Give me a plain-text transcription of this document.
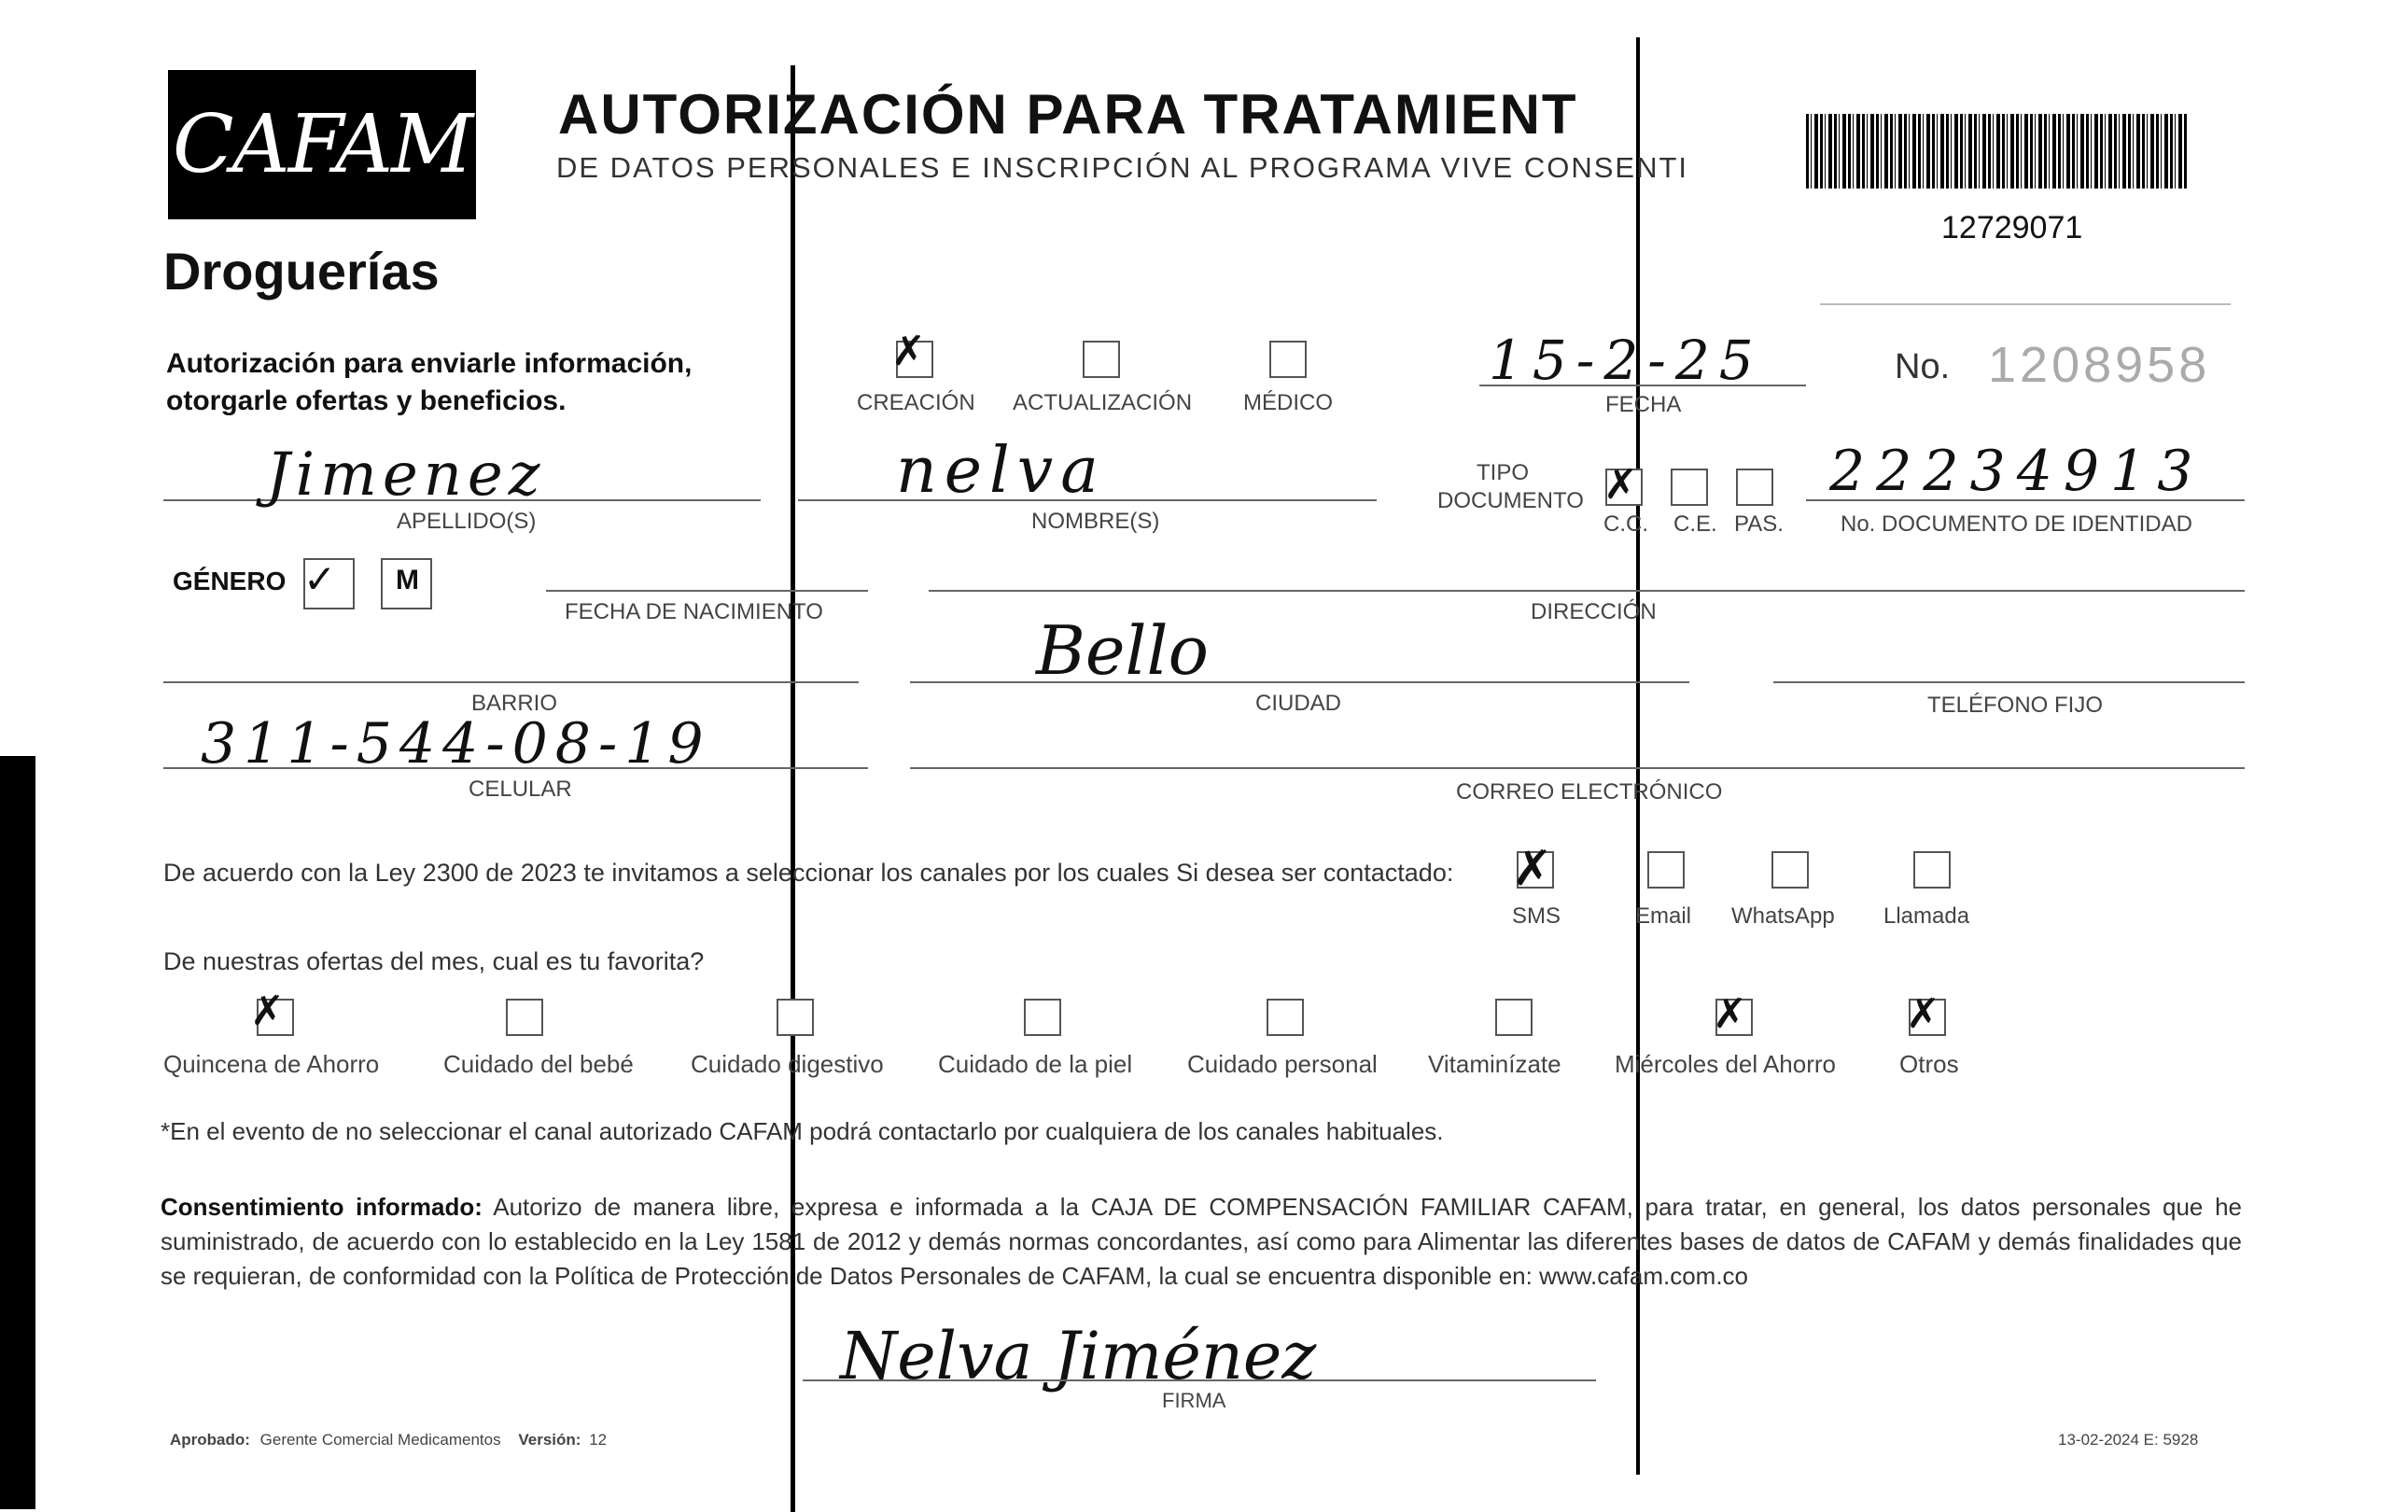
CAFAM
Droguerías
AUTORIZACIÓN PARA TRATAMIENT
DE DATOS PERSONALES E INSCRIPCIÓN AL PROGRAMA VIVE CONSENTI
12729071
No. 1208958
Autorización para enviarle información, otorgarle ofertas y beneficios.
✗
CREACIÓN ACTUALIZACIÓN MÉDICO
15-2-25
FECHA
Jimenez
APELLIDO(S)
nelva
NOMBRE(S)
TIPO DOCUMENTO ✗
C.C. C.E. PAS.
22234913
No. DOCUMENTO DE IDENTIDAD
GÉNERO ✓ M
FECHA DE NACIMIENTO	DIRECCIÓN
BARRIO
Bello
CIUDAD	TELÉFONO FIJO
311-544-08-19
CELULAR	CORREO ELECTRÓNICO
De acuerdo con la Ley 2300 de 2023 te invitamos a seleccionar los canales por los cuales Si desea ser contactado: ✗
SMS	Email WhatsApp Llamada
De nuestras ofertas del mes, cual es tu favorita?
✗
Quincena de Ahorro	Cuidado del bebé Cuidado digestivo Cuidado de la piel Cuidado personal Vitaminízate
✗
Miércoles del Ahorro
✗
Otros
*En el evento de no seleccionar el canal autorizado CAFAM podrá contactarlo por cualquiera de los canales habituales.
Consentimiento informado: Autorizo de manera libre, expresa e informada a la CAJA DE COMPENSACIÓN FAMILIAR CAFAM, para tratar, en general, los datos personales que he suministrado, de acuerdo con lo establecido en la Ley 1581 de 2012 y demás normas concordantes, así como para Alimentar las diferentes bases de datos de CAFAM y demás finalidades que se requieran, de conformidad con la Política de Protección de Datos Personales de CAFAM, la cual se encuentra disponible en: www.cafam.com.co
Nelva Jiménez
FIRMA
Aprobado: Gerente Comercial Medicamentos Versión: 12	13-02-2024 E: 5928
